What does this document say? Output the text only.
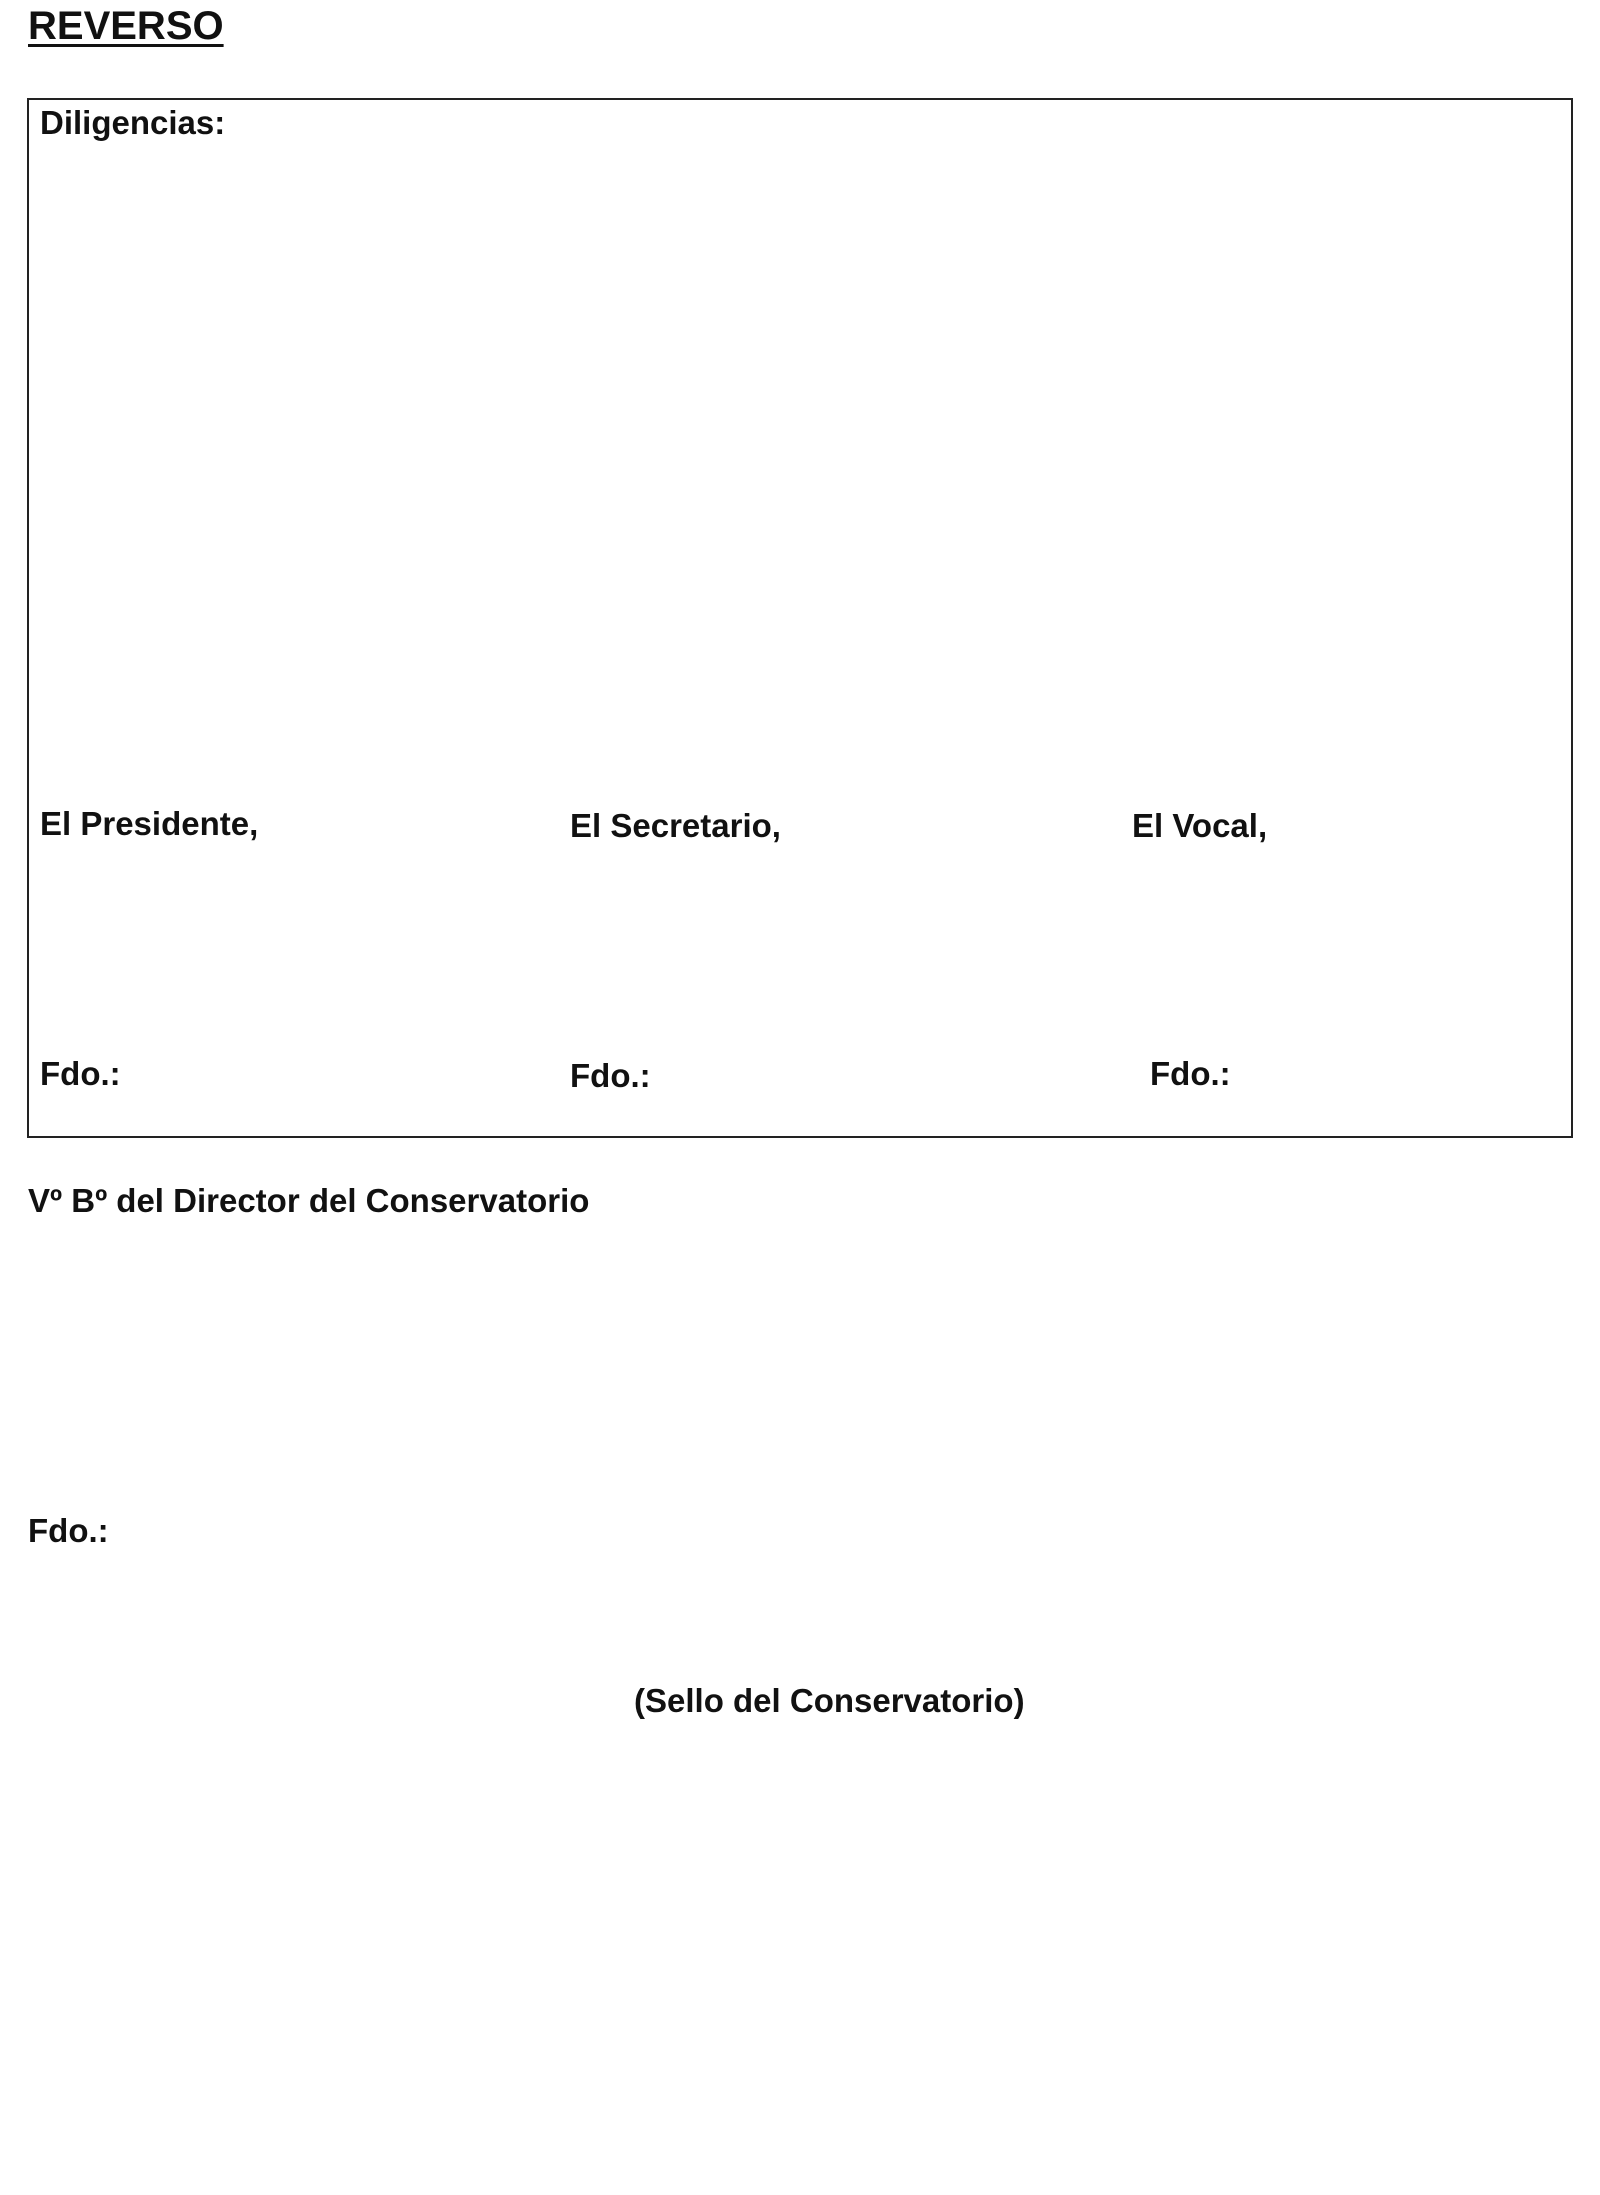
REVERSO
Diligencias:
El Presidente,	El Secretario,	El Vocal,
Fdo.:	Fdo.:	Fdo.:
Vº Bº del Director del Conservatorio
Fdo.:
(Sello del Conservatorio)
